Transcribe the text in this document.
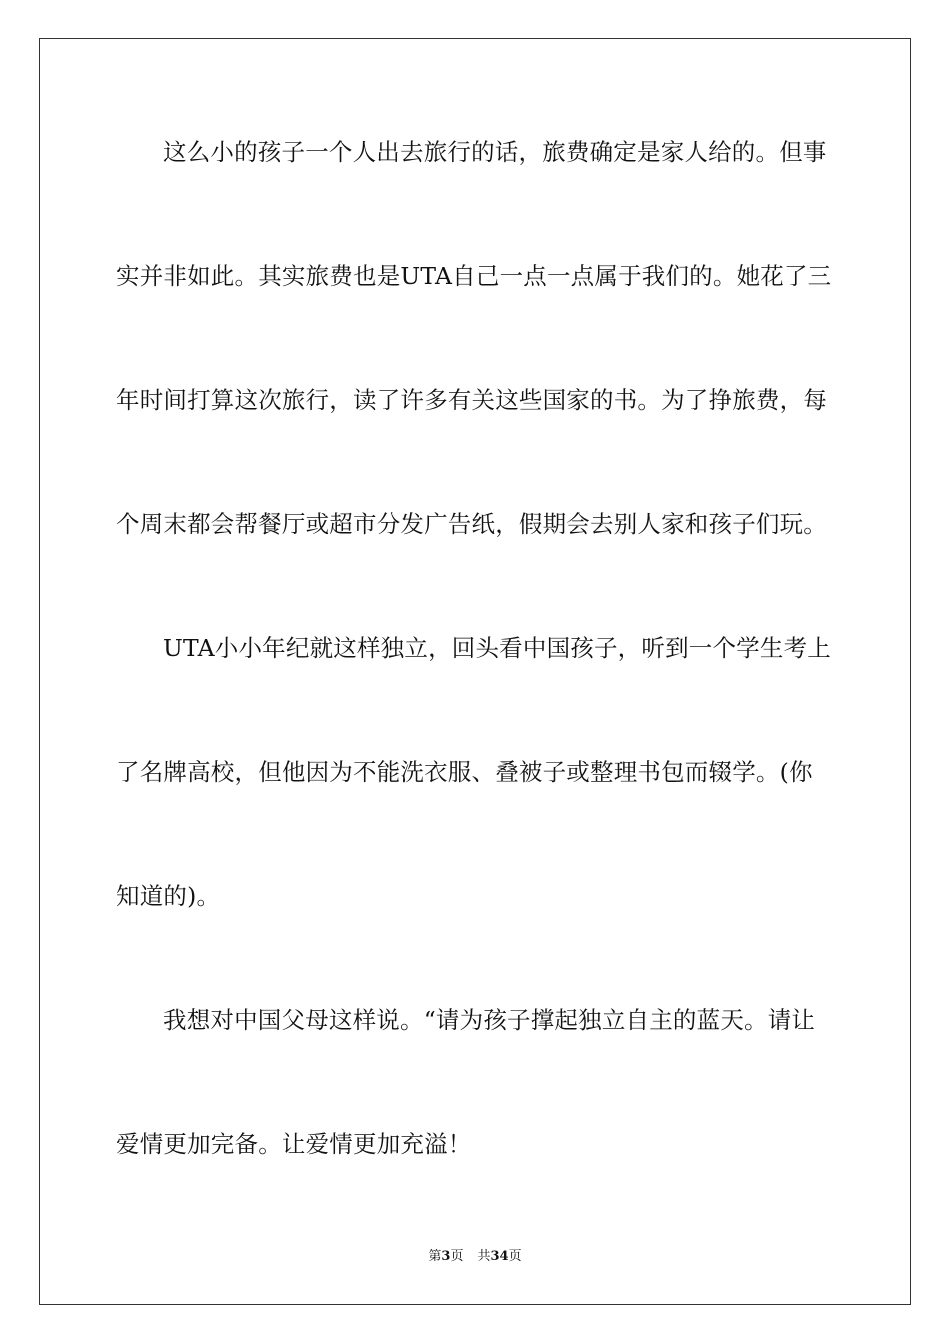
这么小的孩子一个人出去旅行的话，旅费确定是家人给的。但事
实并非如此。其实旅费也是UTA自己一点一点属于我们的。她花了三
年时间打算这次旅行，读了许多有关这些国家的书。为了挣旅费，每
个周末都会帮餐厅或超市分发广告纸，假期会去别人家和孩子们玩。
UTA小小年纪就这样独立，回头看中国孩子，听到一个学生考上
了名牌高校，但他因为不能洗衣服、叠被子或整理书包而辍学。(你
知道的)。
我想对中国父母这样说。“请为孩子撑起独立自主的蓝天。请让
爱情更加完备。让爱情更加充溢！
第3页 共34页
